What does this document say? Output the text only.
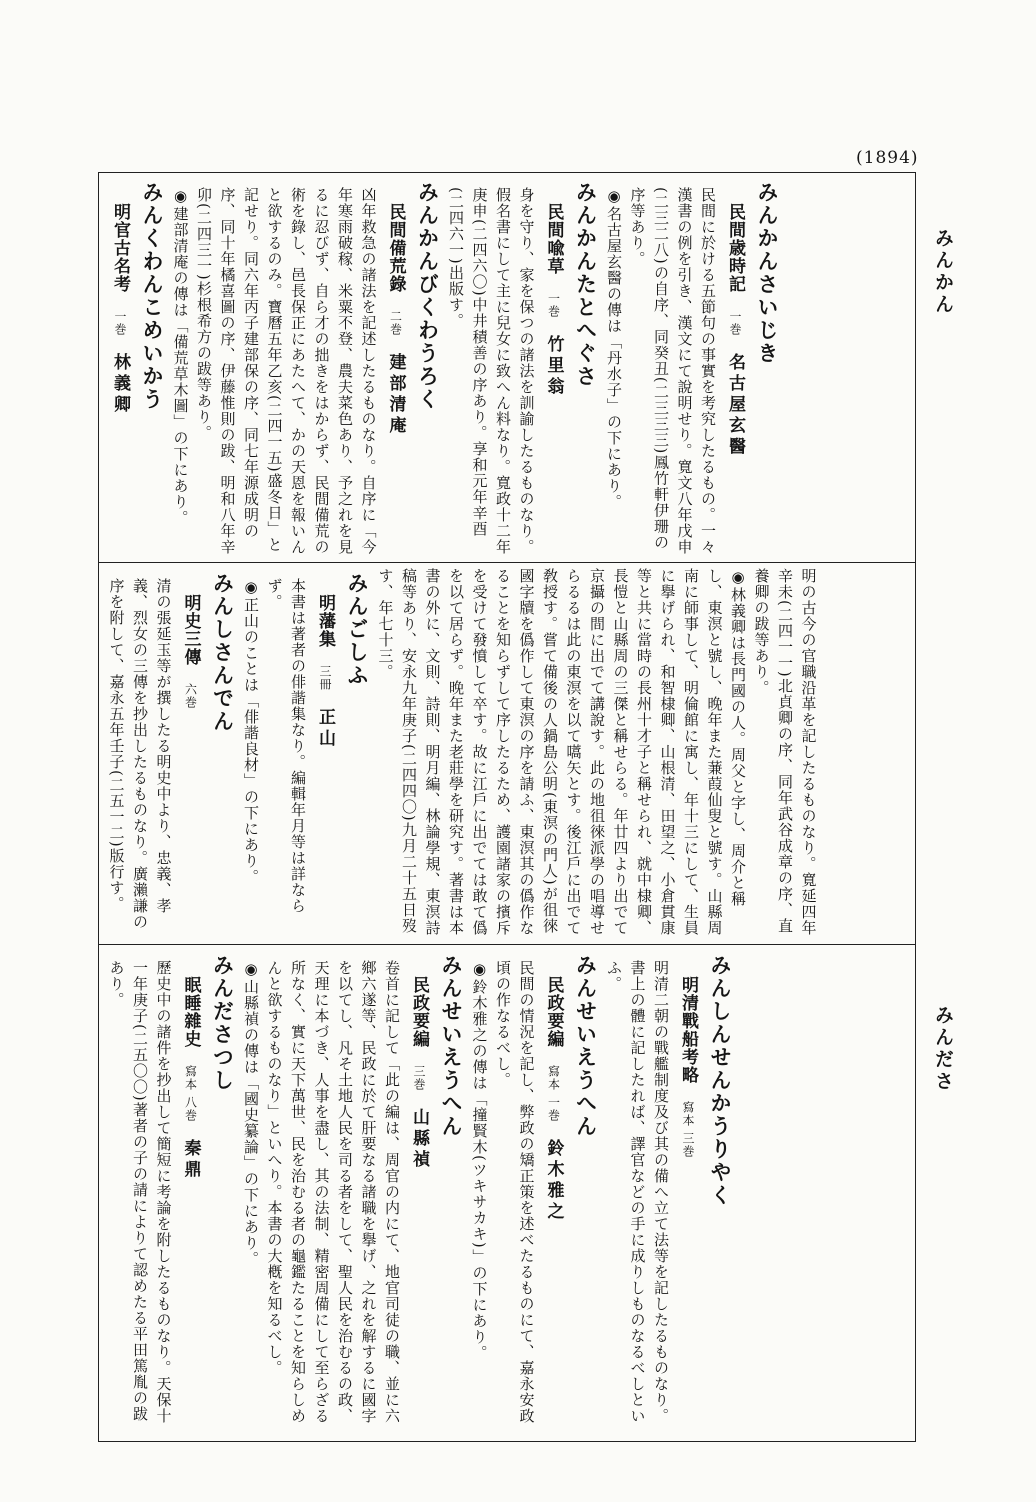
(1894)
みんかん
みんださ
みんかんさいじき
民間歳時記一巻名古屋玄醫
民間に於ける五節句の事實を考究したるもの。一々漢書の例を引き、漢文にて說明せり。寬文八年戊申(二三二八)の自序、同癸丑(二三三三)鳳竹軒伊珊の序等あり。
◉名古屋玄醫の傳は「丹水子」の下にあり。
みんかんたとへぐさ
民間喩草一巻竹里翁
身を守り、家を保つの諸法を訓諭したるものなり。假名書にして主に兒女に致へん料なり。寬政十二年庚申(二四六〇)中井積善の序あり。享和元年辛酉(二四六一)出版す。
みんかんびくわうろく
民間備荒錄二巻建部清庵
凶年救急の諸法を記述したるものなり。自序に「今年寒雨破稼、米粟不登、農夫菜色あり、予之れを見るに忍びず、自ら才の拙きをはからず、民間備荒の術を錄し、邑長保正にあたへて、かの天恩を報いんと欲するのみ。寶曆五年乙亥(二四一五)盛冬日」と記せり。同六年丙子建部保の序、同七年源成明の序、同十年橘喜圖の序、伊藤惟則の跋、明和八年辛卯(二四三一)杉根希方の跋等あり。
◉建部清庵の傳は「備荒草木圖」の下にあり。
みんくわんこめいかう
明官古名考一巻林義卿
明の古今の官職沿革を記したるものなり。寬延四年辛未(二四一一)北貞卿の序、同年武谷成章の序、直養卿の跋等あり。
◉林義卿は長門國の人。周父と字し、周介と稱し、東溟と號し、晚年また蒹葭仙叟と號す。山縣周南に師事して、明倫館に寓し、年十三にして、生員に擧げられ、和智棣卿、山根清、田望之、小倉貫康等と共に當時の長州十才子と稱せられ、就中棣卿、長愷と山縣周の三傑と稱せらる。年廿四より出でて京攝の間に出でて講說す。此の地徂徠派學の唱導せらるるは此の東溟を以て嚆矢とす。後江戶に出でて敎授す。嘗て備後の人鍋島公明(東溟の門人)が徂徠國字牘を僞作して東溟の序を請ふ、東溟其の僞作なることを知らずして序したるため、護園諸家の擯斥を受けて發憤して卒す。故に江戶に出でては敢て僞を以て居らず。晚年また老莊學を研究す。著書は本書の外に、文則、詩則、明月編、林論學規、東溟詩稿等あり、安永九年庚子(二四四〇)九月二十五日歿す、年七十三。
みんごしふ
明藩集三冊正山
本書は著者の俳諧集なり。編輯年月等は詳ならず。
◉正山のことは「俳諧良材」の下にあり。
みんしさんでん
明史三傳六巻
清の張延玉等が撰したる明史中より、忠義、孝義、烈女の三傳を抄出したるものなり。廣瀨謙の序を附して、嘉永五年壬子(二五一二)版行す。
みんしんせんかうりやく
明清戰船考略寫本 三巻
明清二朝の戰艦制度及び其の備へ立て法等を記したるものなり。書上の體に記したれば、譯官などの手に成りしものなるべしといふ。
みんせいえうへん
民政要編寫本 一巻鈴木雅之
民間の情況を記し、弊政の矯正策を述べたるものにて、嘉永安政頃の作なるべし。
◉鈴木雅之の傳は「撞賢木(ツキサカキ)」の下にあり。
みんせいえうへん
民政要編三巻山縣禎
卷首に記して「此の編は、周官の内にて、地官司徒の職、並に六鄉六遂等、民政に於て肝要なる諸職を擧げ、之れを解するに國字を以てし、凡そ土地人民を司る者をして、聖人民を治むるの政、天理に本づき、人事を盡し、其の法制、精密周備にして至らざる所なく、實に天下萬世、民を治むる者の龜鑑たることを知らしめんと欲するものなり」といへり。本書の大槪を知るべし。
◉山縣禎の傳は「國史纂論」の下にあり。
みんださつし
眠睡雜史寫本 八巻秦鼎
歷史中の諸件を抄出して簡短に考論を附したるものなり。天保十一年庚子(二五〇〇)著者の子の請によりて認めたる平田篤胤の跋あり。
